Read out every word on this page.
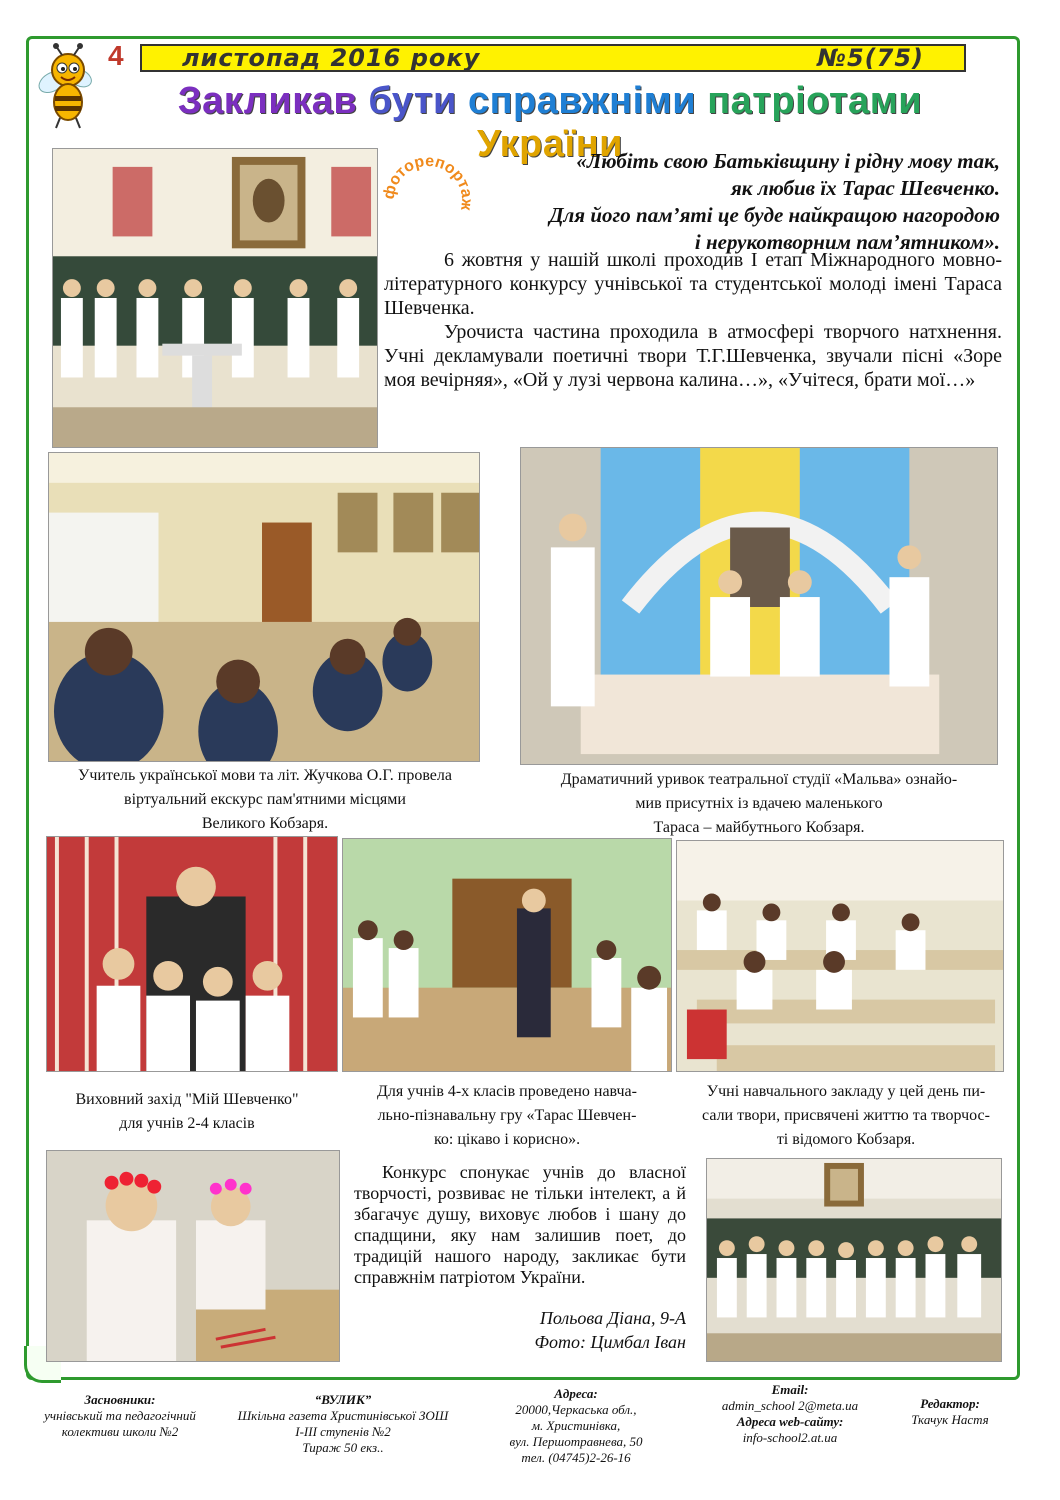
4 листопад 2016 року	№5(75)
Закликав бути справжніми патріотами України
фоторепортаж
«Любіть свою Батьківщину і рідну мову так,
як любив їх Тарас Шевченко.
Для його пам’яті це буде найкращою нагородою
і нерукотворним пам’ятником».

6 жовтня у нашій школі проходив І етап Міжнародного мовно-літературного конкурсу учнівської та студентської молоді імені Тараса Шевченка.

Урочиста частина проходила в атмосфері творчого натхнення. Учні декламували поетичні твори Т.Г.Шевченка, звучали пісні «Зоре моя вечірняя», «Ой у лузі червона калина…», «Учітеся, брати мої…»

Учитель української мови та літ. Жучкова О.Г. провела
віртуальний екскурс пам'ятними місцями
Великого Кобзаря.
Драматичний уривок театральної студії «Мальва» ознайо-
мив присутніх із вдачею маленького
Тараса – майбутнього Кобзаря.
Виховний захід "Мій Шевченко"
для учнів 2-4 класів
Для учнів 4-х класів проведено навча-
льно-пізнавальну гру «Тарас Шевчен-
ко: цікаво і корисно».
Учні навчального закладу у цей день пи-
сали твори, присвячені життю та творчос-
ті відомого Кобзаря.

Конкурс спонукає учнів до власної творчості, розвиває не тільки інтелект, а й збагачує душу, виховує любов і шану до спадщини, яку нам залишив поет, до традицій нашого народу, закликає бути справжнім патріотом України.

Польова Діана, 9-А
Фото: Цимбал Іван
Засновники:
учнівський та педагогічний
колективи школи №2
“ВУЛИК”
Шкільна газета Христинівської ЗОШ
І-ІІІ ступенів №2
Тираж 50 екз..
Адреса:
20000,Черкаська обл.,
м. Христинівка,
вул. Першотравнева, 50
тел. (04745)2-26-16
Email:
admin_school 2@meta.ua
Адреса web-сайту:
info-school2.at.ua
Редактор:
Ткачук Настя
